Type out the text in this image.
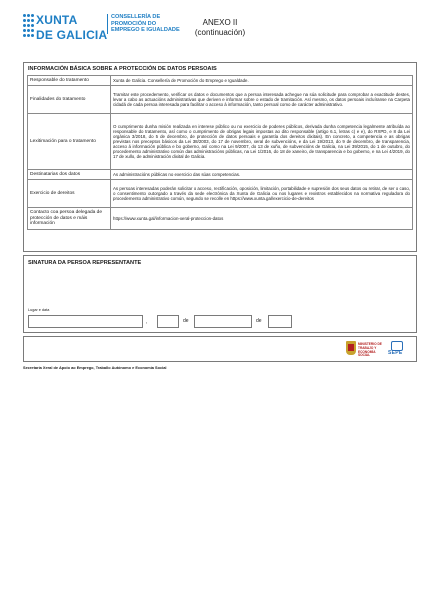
XUNTA
DE GALICIA
CONSELLERÍA DE
PROMOCIÓN DO
EMPREGO E IGUALDADE
ANEXO II
(continuación)
INFORMACIÓN BÁSICA SOBRE A PROTECCIÓN DE DATOS PERSOAIS
Responsable do tratamento	Xunta de Galicia. Consellería de Promoción do Emprego e Igualdade.
Finalidades do tratamento	Tramitar este procedemento, verificar os datos e documentos que a persoa interesada achegue na súa solicitude para comprobar a exactitude destes, levar a cabo as actuacións administrativas que deriven e informar sobre o estado de tramitación. Así mesmo, os datos persoais incluíranse na Carpeta cidadá de cada persoa interesada para facilitar o acceso á información, tanto persoal como de carácter administrativo.
Lexitimación para o tratamento	O cumprimento dunha misión realizada en interese público ou no exercicio de poderes públicos, derivada dunha competencia legalmente atribuída ao responsable do tratamento, así como o cumprimento de obrigas legais impostas ao dito responsable (artigo 6.1, letras c) e e), do RXPD, e 8 da Lei orgánica 3/2018, do 5 de decembro, de protección de datos persoais e garantía dos dereitos dixitais). En concreto, a competencia e as obrigas previstas nos preceptos básicos da Lei 38/2003, do 17 de novembro, xeral de subvencións, e da Lei 19/2013, do 9 de decembro, de transparencia, acceso á información pública e bo goberno, así como na Lei 9/2007, do 13 de xuño, de subvencións de Galicia, na Lei 39/2015, do 1 de outubro, do procedemento administrativo común das administracións públicas, na Lei 1/2016, do 18 de xaneiro, de transparencia e bo goberno, e na Lei 4/2019, do 17 de xullo, de administración dixital de Galicia.
Destinatarias dos datos	As administracións públicas no exercicio das súas competencias.
Exercicio de dereitos	As persoas interesadas poderán solicitar o acceso, rectificación, oposición, limitación, portabilidade e supresión dos seus datos ou retirar, de ser o caso, o consentimento outorgado a través da sede electrónica da Xunta de Galicia ou nos lugares e rexistros establecidos na normativa reguladora do procedemento administrativo común, segundo se recolle en https://www.xunta.gal/exercicio-de-dereitos
Contacto coa persoa delegada de protección de datos e máis información	https://www.xunta.gal/informacion-xeral-proteccion-datos
SINATURA DA PERSOA REPRESENTANTE
Lugar e data
,	de	de
MINISTERIO DE TRABAJO Y ECONOMÍA SOCIAL	SEPE
Secretaría Xeral de Apoio ao Emprego, Traballo Autónomo e Economía Social
